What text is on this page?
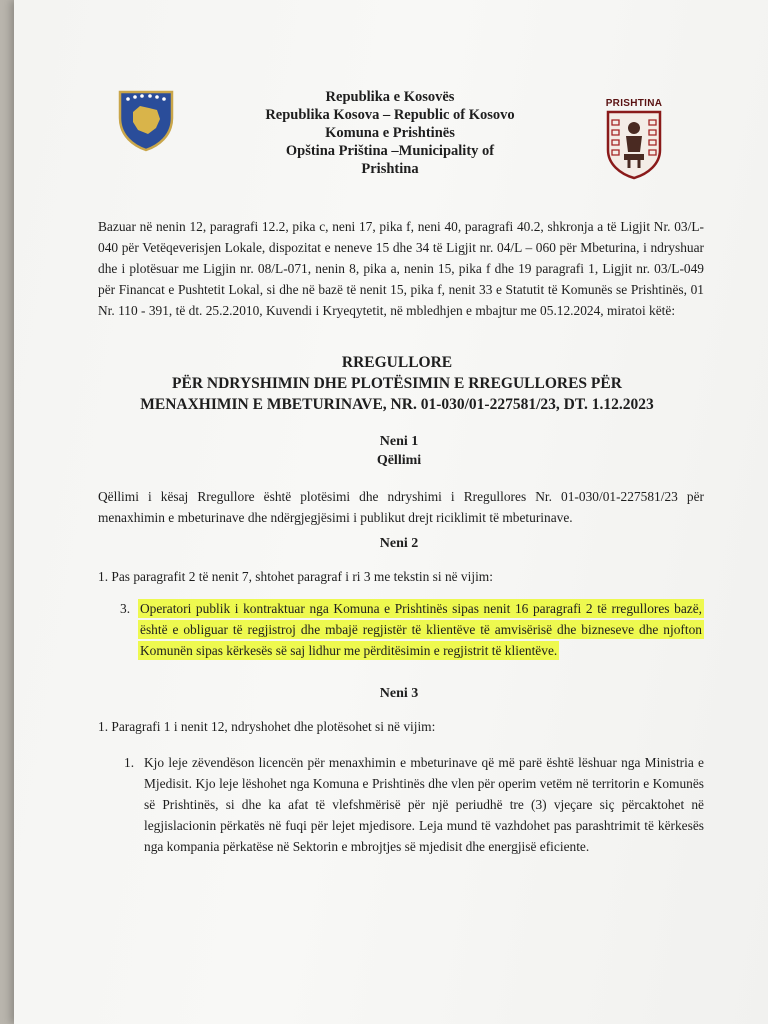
Republika e Kosovës
Republika Kosova – Republic of Kosovo
Komuna e Prishtinës
Opština Priština –Municipality of
Prishtina
PRISHTINA
Bazuar në nenin 12, paragrafi 12.2, pika c, neni 17, pika f, neni 40, paragrafi 40.2, shkronja a të Ligjit Nr. 03/L-040 për Vetëqeverisjen Lokale, dispozitat e neneve 15 dhe 34 të Ligjit nr. 04/L – 060 për Mbeturina, i ndryshuar dhe i plotësuar me Ligjin nr. 08/L-071, nenin 8, pika a, nenin 15, pika f dhe 19 paragrafi 1, Ligjit nr. 03/L-049 për Financat e Pushtetit Lokal, si dhe në bazë të nenit 15, pika f, nenit 33 e Statutit të Komunës se Prishtinës, 01 Nr. 110 - 391, të dt. 25.2.2010, Kuvendi i Kryeqytetit, në mbledhjen e mbajtur me 05.12.2024, miratoi këtë:
RREGULLORE
PËR NDRYSHIMIN DHE PLOTËSIMIN E RREGULLORES PËR
MENAXHIMIN E MBETURINAVE, NR. 01-030/01-227581/23, DT. 1.12.2023
Neni 1
Qëllimi
Qëllimi i kësaj Rregullore është plotësimi dhe ndryshimi i Rregullores Nr. 01-030/01-227581/23 për menaxhimin e mbeturinave dhe ndërgjegjësimi i publikut drejt riciklimit të mbeturinave.
Neni 2
1. Pas paragrafit 2 të nenit 7, shtohet paragraf i ri 3 me tekstin si në vijim:
3. Operatori publik i kontraktuar nga Komuna e Prishtinës sipas nenit 16 paragrafi 2 të rregullores bazë, është e obliguar të regjistroj dhe mbajë regjistër të klientëve të amvisërisë dhe bizneseve dhe njofton Komunën sipas kërkesës së saj lidhur me përditësimin e regjistrit të klientëve.
Neni 3
1. Paragrafi 1 i nenit 12, ndryshohet dhe plotësohet si në vijim:
1. Kjo leje zëvendëson licencën për menaxhimin e mbeturinave që më parë është lëshuar nga Ministria e Mjedisit. Kjo leje lëshohet nga Komuna e Prishtinës dhe vlen për operim vetëm në territorin e Komunës së Prishtinës, si dhe ka afat të vlefshmërisë për një periudhë tre (3) vjeçare siç përcaktohet në legjislacionin përkatës në fuqi për lejet mjedisore. Leja mund të vazhdohet pas parashtrimit të kërkesës nga kompania përkatëse në Sektorin e mbrojtjes së mjedisit dhe energjisë eficiente.
